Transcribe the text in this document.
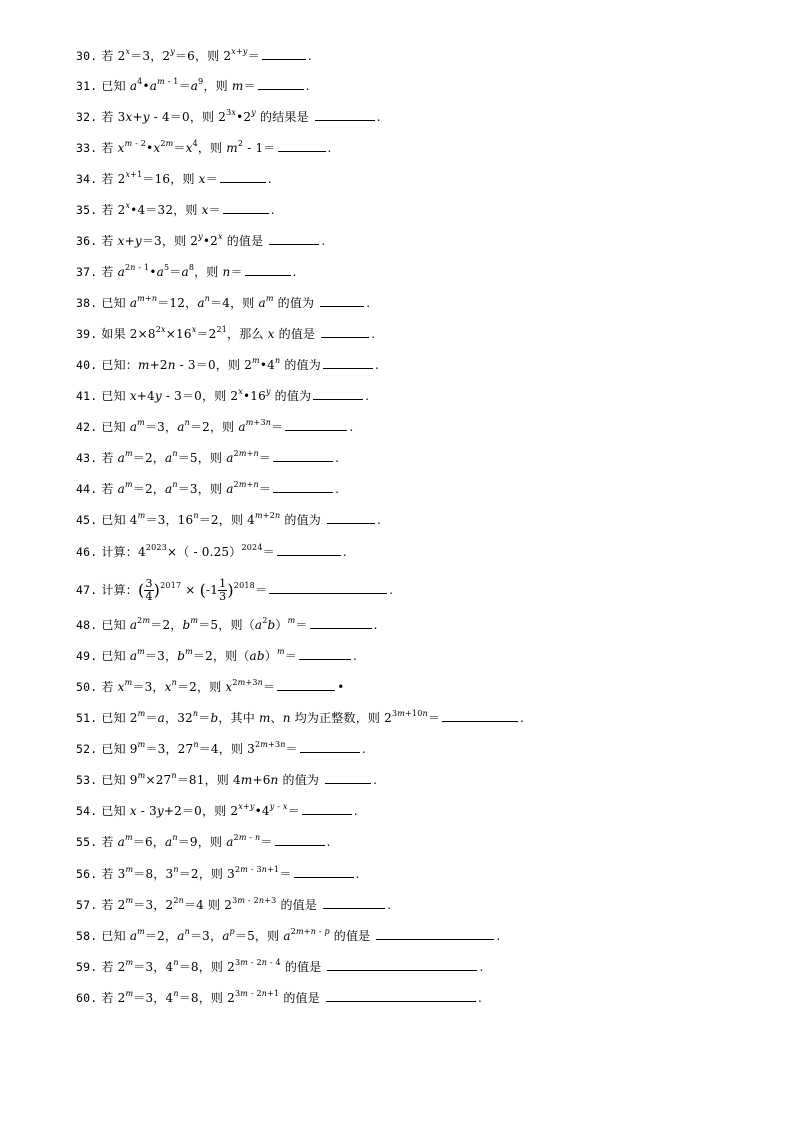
30. 若 $2^x=3$，$2^y=6$，则 $2^{x+y}=$	.
31. 已知 $a^4•a^{m - 1}=a^9$，则 m＝	.
32. 若 3x+y - 4＝0，则 $2^{3x}•2^y$ 的结果是	.
33. 若 $x^{m - 2}•x^{2m}=x^4$，则 $m^2 - 1=$	.
34. 若 $2^{x+1}=16$，则 x＝	.
35. 若 $2^x•4=32$，则 x＝	.
36. 若 x+y＝3，则 2$^y$•2$^x$ 的值是	.
37. 若 $a^{2n - 1}•a^5=a^8$，则 n＝	.
38. 已知 $a^{m+n}=12$，$a^n=4$，则 $a^m$ 的值为	.
39. 如果 $2\times 8^{2x}\times 16^x=2^{21}$，那么 x 的值是	.
40. 已知：m+2n - 3＝0，则 2$^m$•4$^n$ 的值为	.
41. 已知 x+4y - 3＝0，则 2$^x$•16$^y$ 的值为	.
42. 已知 $a^m=3$，$a^n=2$，则 $a^{m+3n}=$	.
43. 若 $a^m=2$，$a^n=5$，则 $a^{2m+n}=$	.
44. 若 $a^m=2$，$a^n=3$，则 $a^{2m+n}=$	.
45. 已知 $4^m=3$，$16^n=2$，则 $4^{m+2n}$ 的值为	.
46. 计算：$4^{2023}\times( - 0.25)^{2024}=$	.
47. 计算：( $\frac{3}{4} )^{2017} \times (-1 \frac{1}{3} )^{2018}=$	.
48. 已知 $a^{2m}=2$，$b^m=5$，则$(a^2b)^m=$	.
49. 已知 $a^m=3$，$b^m=2$，则（ab）$^m$＝	.
50. 若 $x^m=3$，$x^n=2$，则 $x^{2m+3n}=$	•
51. 已知 $2^m=a$，$32^n=b$，其中 m、n 均为正整数，则 $2^{3m+10n}=$	.
52. 已知 $9^m=3$，$27^n=4$，则 $3^{2m+3n}=$	.
53. 已知 $9^m\times 27^n=81$，则 4m+6n 的值为	.
54. 已知 x - 3y+2＝0，则 $2^{x+y}•4^{y - x}=$	.
55. 若 $a^m=6$，$a^n=9$，则 $a^{2m - n}=$	.
56. 若 $3^m=8$，$3^n=2$，则 $3^{2m - 3n+1}=$	.
57. 若 $2^m=3$，$2^{2n}=4$ 则 $2^{3m - 2n+3}$ 的值是	.
58. 已知 $a^m=2$，$a^n=3$，$a^p=5$，则 $a^{2m+n - p}$ 的值是	.
59. 若 $2^m=3$，$4^n=8$，则 $2^{3m - 2n - 4}$ 的值是	.
60. 若 $2^m=3$，$4^n=8$，则 $2^{3m - 2n+1}$ 的值是	.
